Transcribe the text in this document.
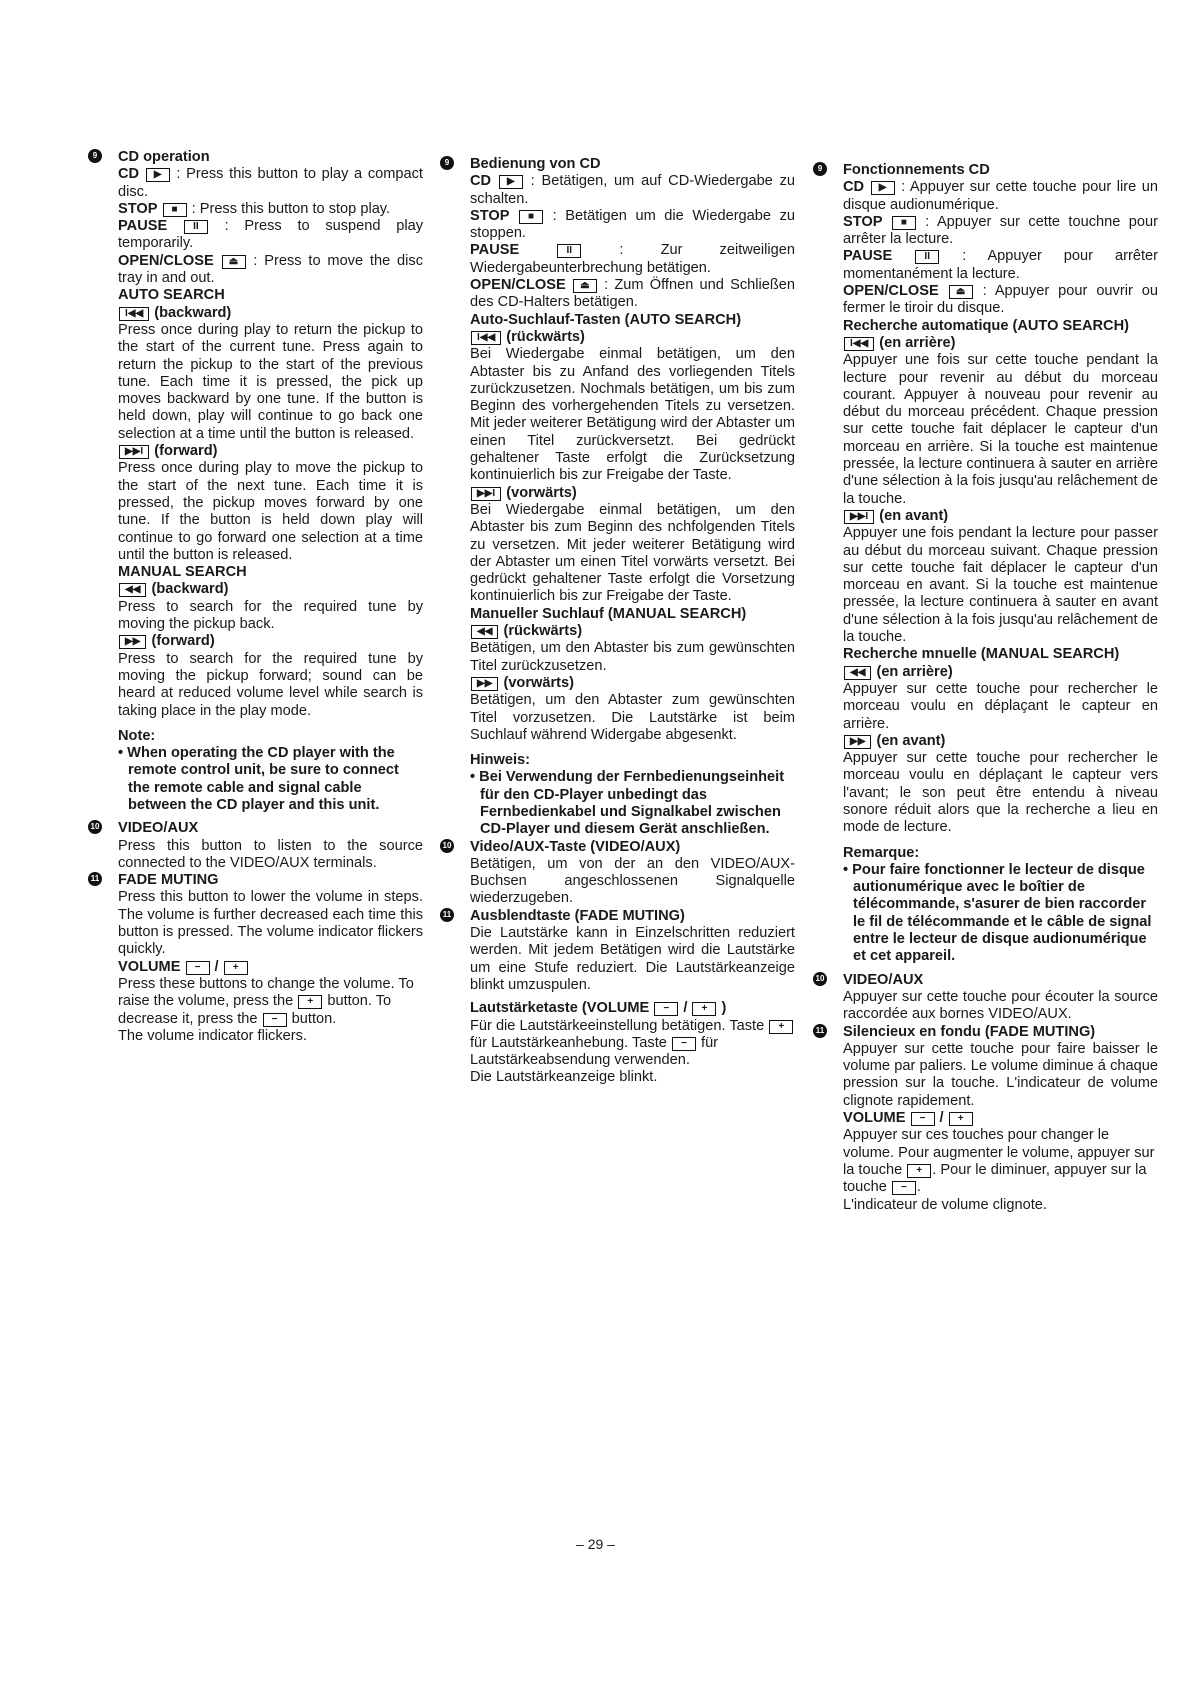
9	CD operation

CD ▶ : Press this button to play a compact disc.

STOP ■ : Press this button to stop play.

PAUSE	II : Press to suspend play temporarily.

OPEN/CLOSE ⏏ : Press to move the disc tray in and out.

AUTO SEARCH

I◀◀ (backward)

Press once during play to return the pickup to the start of the current tune. Press again to return the pickup to the start of the previous tune. Each time it is pressed, the pick up moves backward by one tune. If the button is held down, play will continue to go back one selection at a time until the button is released.

▶▶I (forward)

Press once during play to move the pickup to the start of the next tune. Each time it is pressed, the pickup moves forward by one tune. If the button is held down play will continue to go forward one selection at a time until the button is released.

MANUAL SEARCH

◀◀ (backward)

Press to search for the required tune by moving the pickup back.

▶▶ (forward)

Press to search for the required tune by moving the pickup forward; sound can be heard at reduced volume level while search is taking place in the play mode.

Note:

• When operating the CD player with the remote control unit, be sure to connect the remote cable and signal cable between the CD player and this unit.

10 VIDEO/AUX

Press this button to listen to the source connected to the VIDEO/AUX terminals.

11 FADE MUTING

Press this button to lower the volume in steps. The volume is further decreased each time this button is pressed. The volume indicator flickers quickly.

VOLUME − / +

Press these buttons to change the volume. To raise the volume, press the + button. To decrease it, press the − button.

The volume indicator flickers.

9	Bedienung von CD

CD ▶ : Betätigen, um auf CD-Wiedergabe zu schalten.

STOP ■ : Betätigen um die Wiedergabe zu stoppen.

PAUSE	II : Zur zeitweiligen Wiedergabeunterbrechung betätigen.

OPEN/CLOSE ⏏ : Zum Öffnen und Schließen des CD-Halters betätigen.

Auto-Suchlauf-Tasten (AUTO SEARCH)

I◀◀ (rückwärts)

Bei Wiedergabe einmal betätigen, um den Abtaster bis zu Anfand des vorliegenden Titels zurückzusetzen. Nochmals betätigen, um bis zum Beginn des vorhergehenden Titels zu versetzen. Mit jeder weiterer Betätigung wird der Abtaster um einen Titel zurückversetzt. Bei gedrückt gehaltener Taste erfolgt die Zurücksetzung kontinuierlich bis zur Freigabe der Taste.

▶▶I (vorwärts)

Bei Wiedergabe einmal betätigen, um den Abtaster bis zum Beginn des nchfolgenden Titels zu versetzen. Mit jeder weiterer Betätigung wird der Abtaster um einen Titel vorwärts versetzt. Bei gedrückt gehaltener Taste erfolgt die Vorsetzung kontinuierlich bis zur Freigabe der Taste.

Manueller Suchlauf (MANUAL SEARCH)

◀◀ (rückwärts)

Betätigen, um den Abtaster bis zum gewünschten Titel zurückzusetzen.

▶▶ (vorwärts)

Betätigen, um den Abtaster zum gewünschten Titel vorzusetzen. Die Lautstärke ist beim Suchlauf während Widergabe abgesenkt.

Hinweis:

• Bei Verwendung der Fernbedienungseinheit für den CD-Player unbedingt das Fernbedienkabel und Signalkabel zwischen CD-Player und diesem Gerät anschließen.

10 Video/AUX-Taste (VIDEO/AUX)

Betätigen, um von der an den VIDEO/AUX-Buchsen angeschlossenen Signalquelle wiederzugeben.

11 Ausblendtaste (FADE MUTING)

Die Lautstärke kann in Einzelschritten reduziert werden. Mit jedem Betätigen wird die Lautstärke um eine Stufe reduziert. Die Lautstärkeanzeige blinkt umzuspulen.

Lautstärketaste (VOLUME − / + )

Für die Lautstärkeeinstellung betätigen. Taste + für Lautstärkeanhebung. Taste − für Lautstärkeabsendung verwenden.

Die Lautstärkeanzeige blinkt.

9	Fonctionnements CD

CD ▶ : Appuyer sur cette touche pour lire un disque audionumérique.

STOP ■ : Appuyer sur cette touchne pour arrêter la lecture.

PAUSE	II : Appuyer pour arrêter momentanément la lecture.

OPEN/CLOSE ⏏ : Appuyer pour ouvrir ou fermer le tiroir du disque.

Recherche automatique (AUTO SEARCH)

I◀◀ (en arrière)

Appuyer une fois sur cette touche pendant la lecture pour revenir au début du morceau courant. Appuyer à nouveau pour revenir au début du morceau précédent. Chaque pression sur cette touche fait déplacer le capteur d'un morceau en arrière. Si la touche est maintenue pressée, la lecture continuera à sauter en arrière d'une sélection à la fois jusqu'au relâchement de la touche.

▶▶I (en avant)

Appuyer une fois pendant la lecture pour passer au début du morceau suivant. Chaque pression sur cette touche fait déplacer le capteur d'un morceau en avant. Si la touche est maintenue pressée, la lecture continuera à sauter en avant d'une sélection à la fois jusqu'au relâchement de la touche.

Recherche mnuelle (MANUAL SEARCH)

◀◀ (en arrière)

Appuyer sur cette touche pour rechercher le morceau voulu en déplaçant le capteur en arrière.

▶▶ (en avant)

Appuyer sur cette touche pour rechercher le morceau voulu en déplaçant le capteur vers l'avant; le son peut être entendu à niveau sonore réduit alors que la recherche a lieu en mode de lecture.

Remarque:

• Pour faire fonctionner le lecteur de disque autionumérique avec le boîtier de télécommande, s'asurer de bien raccorder le fil de télécommande et le câble de signal entre le lecteur de disque audionumérique et cet appareil.

10 VIDEO/AUX

Appuyer sur cette touche pour écouter la source raccordée aux bornes VIDEO/AUX.

11 Silencieux en fondu (FADE MUTING)

Appuyer sur cette touche pour faire baisser le volume par paliers. Le volume diminue á chaque pression sur la touche. L'indicateur de volume clignote rapidement.

VOLUME − / +

Appuyer sur ces touches pour changer le volume. Pour augmenter le volume, appuyer sur la touche + . Pour le diminuer, appuyer sur la touche − .

L'indicateur de volume clignote.

– 29 –
